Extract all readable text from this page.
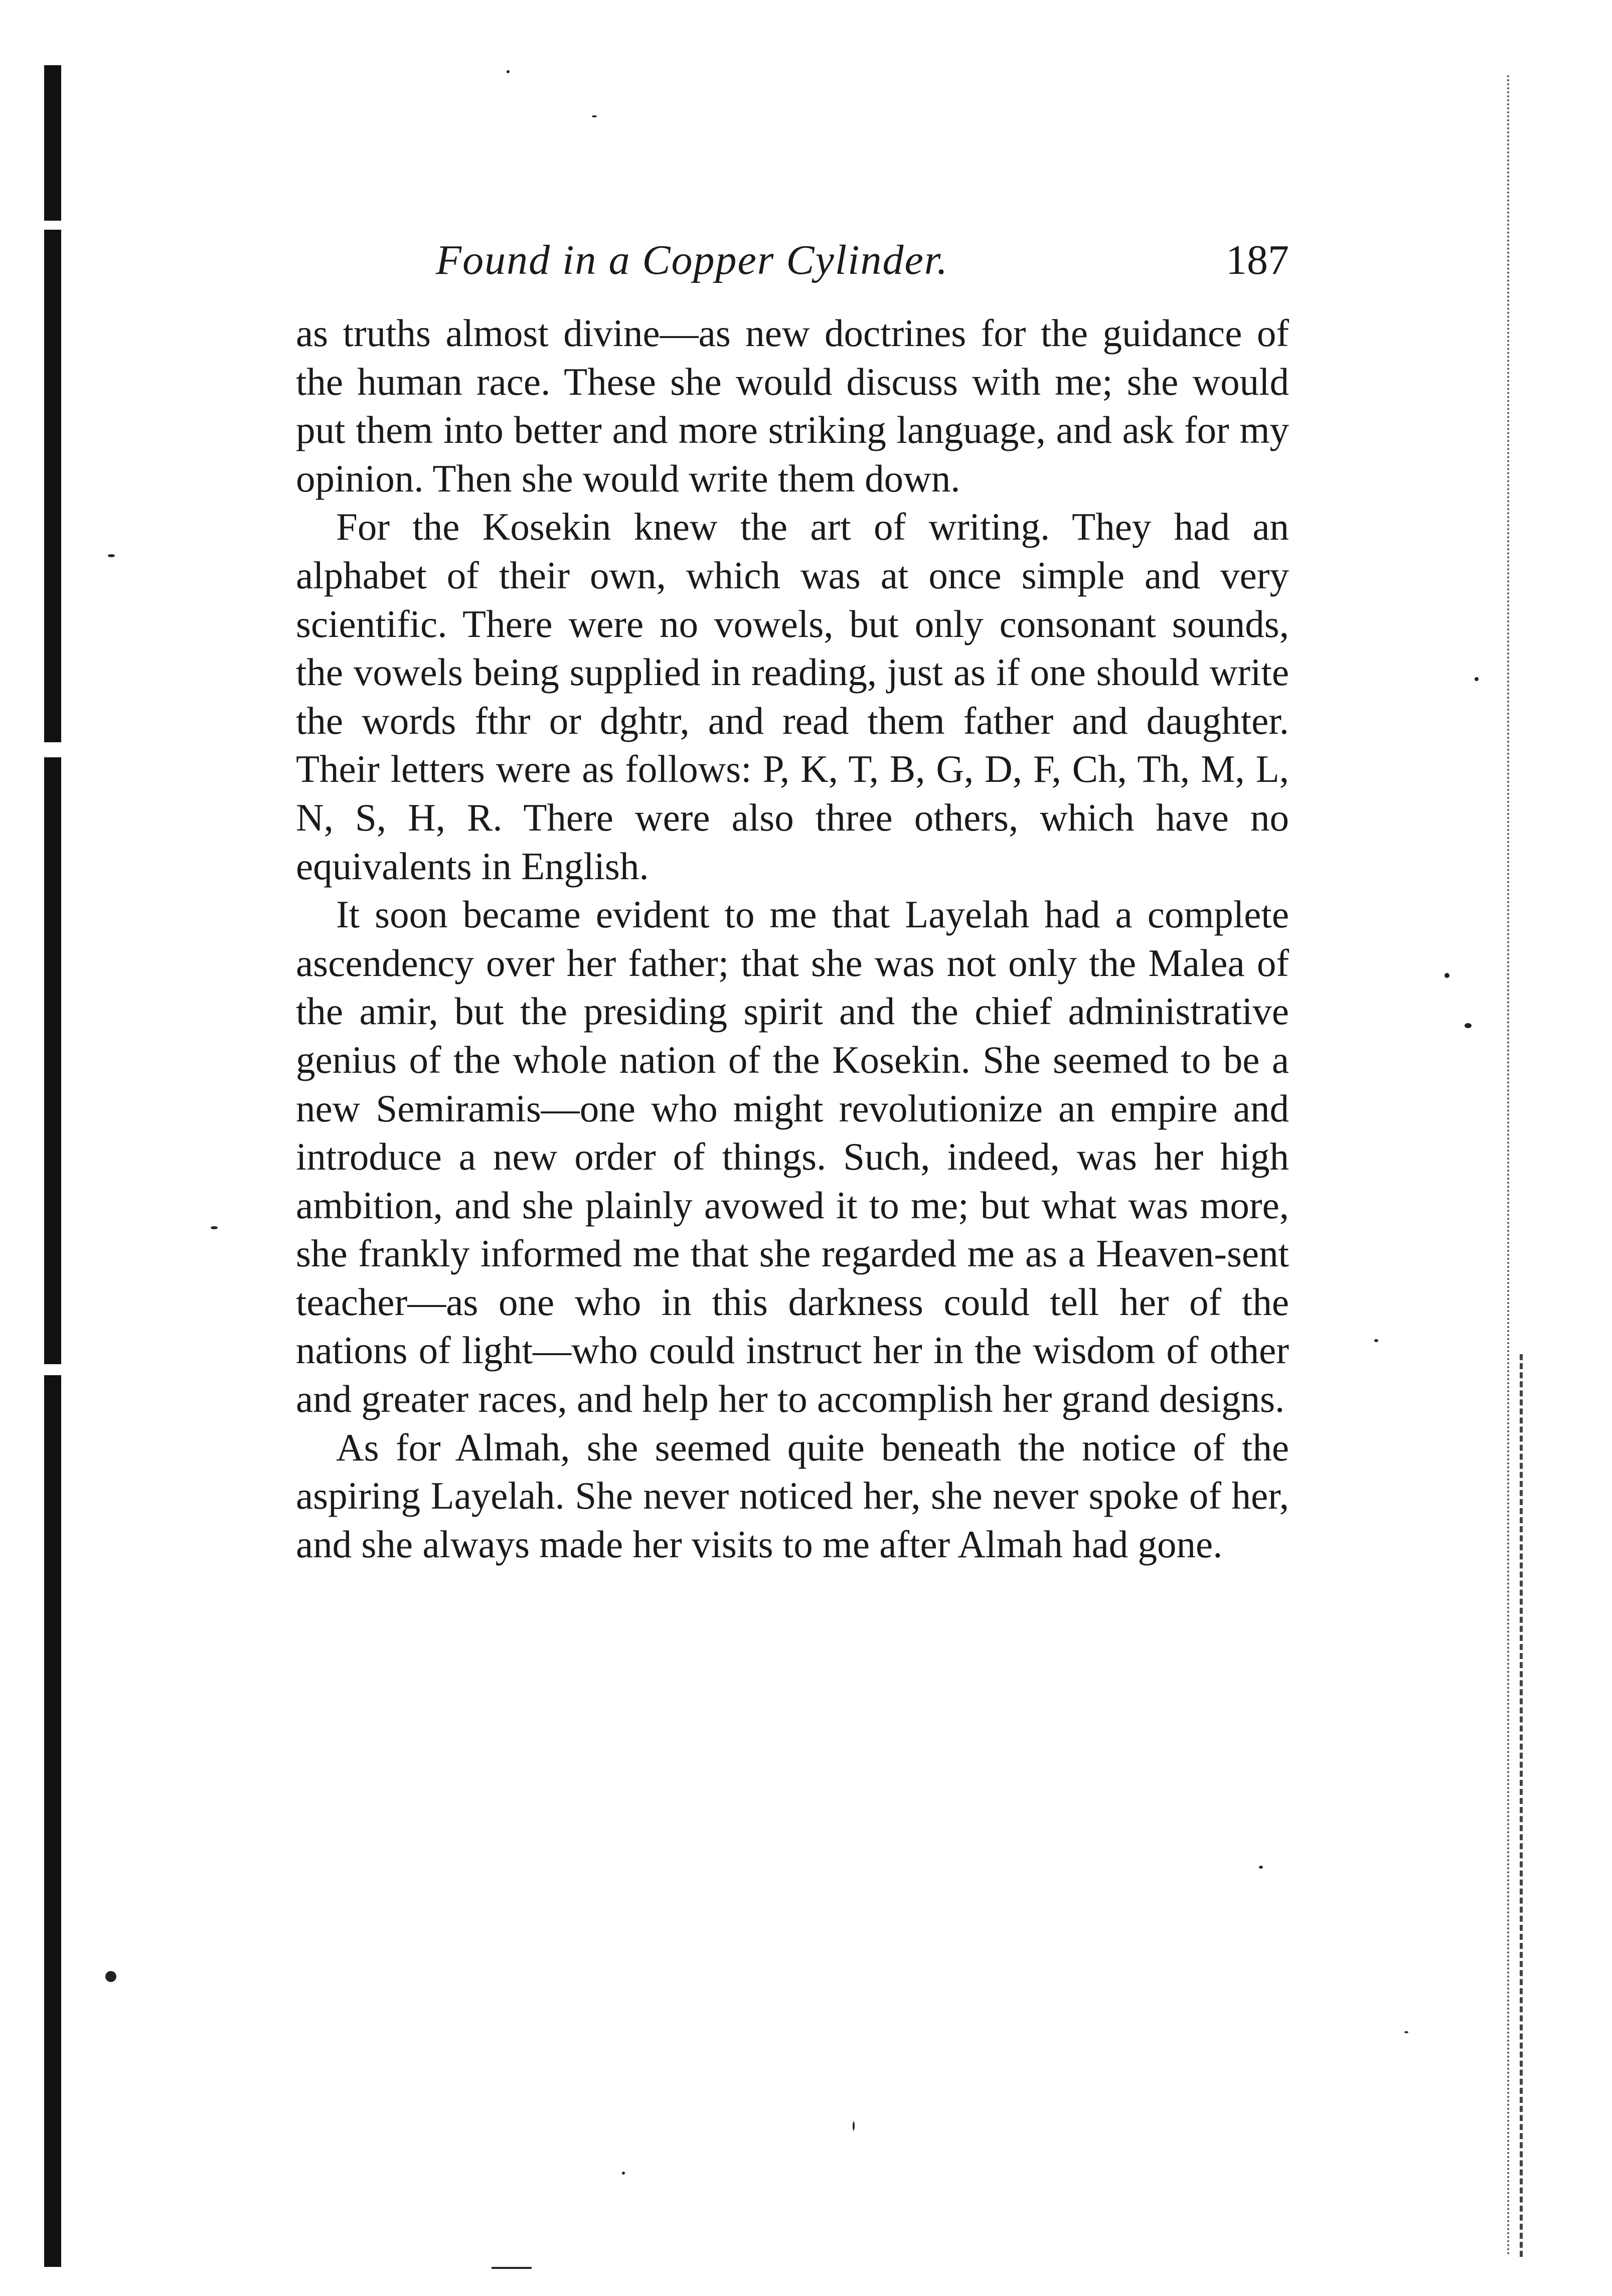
Found in a Copper Cylinder.	187

as truths almost divine—as new doctrines for the guidance of the human race. These she would discuss with me; she would put them into better and more striking language, and ask for my opinion. Then she would write them down.

For the Kosekin knew the art of writing. They had an alphabet of their own, which was at once simple and very scientific. There were no vowels, but only consonant sounds, the vowels being supplied in reading, just as if one should write the words fthr or dghtr, and read them father and daughter. Their letters were as follows: P, K, T, B, G, D, F, Ch, Th, M, L, N, S, H, R. There were also three others, which have no equivalents in English.

It soon became evident to me that Layelah had a complete ascendency over her father; that she was not only the Malea of the amir, but the presiding spirit and the chief administrative genius of the whole nation of the Kosekin. She seemed to be a new Semiramis—one who might revolutionize an empire and introduce a new order of things. Such, indeed, was her high ambition, and she plainly avowed it to me; but what was more, she frankly informed me that she regarded me as a Heaven-sent teacher—as one who in this darkness could tell her of the nations of light—who could instruct her in the wisdom of other and greater races, and help her to accomplish her grand designs.

As for Almah, she seemed quite beneath the notice of the aspiring Layelah. She never noticed her, she never spoke of her, and she always made her visits to me after Almah had gone.
